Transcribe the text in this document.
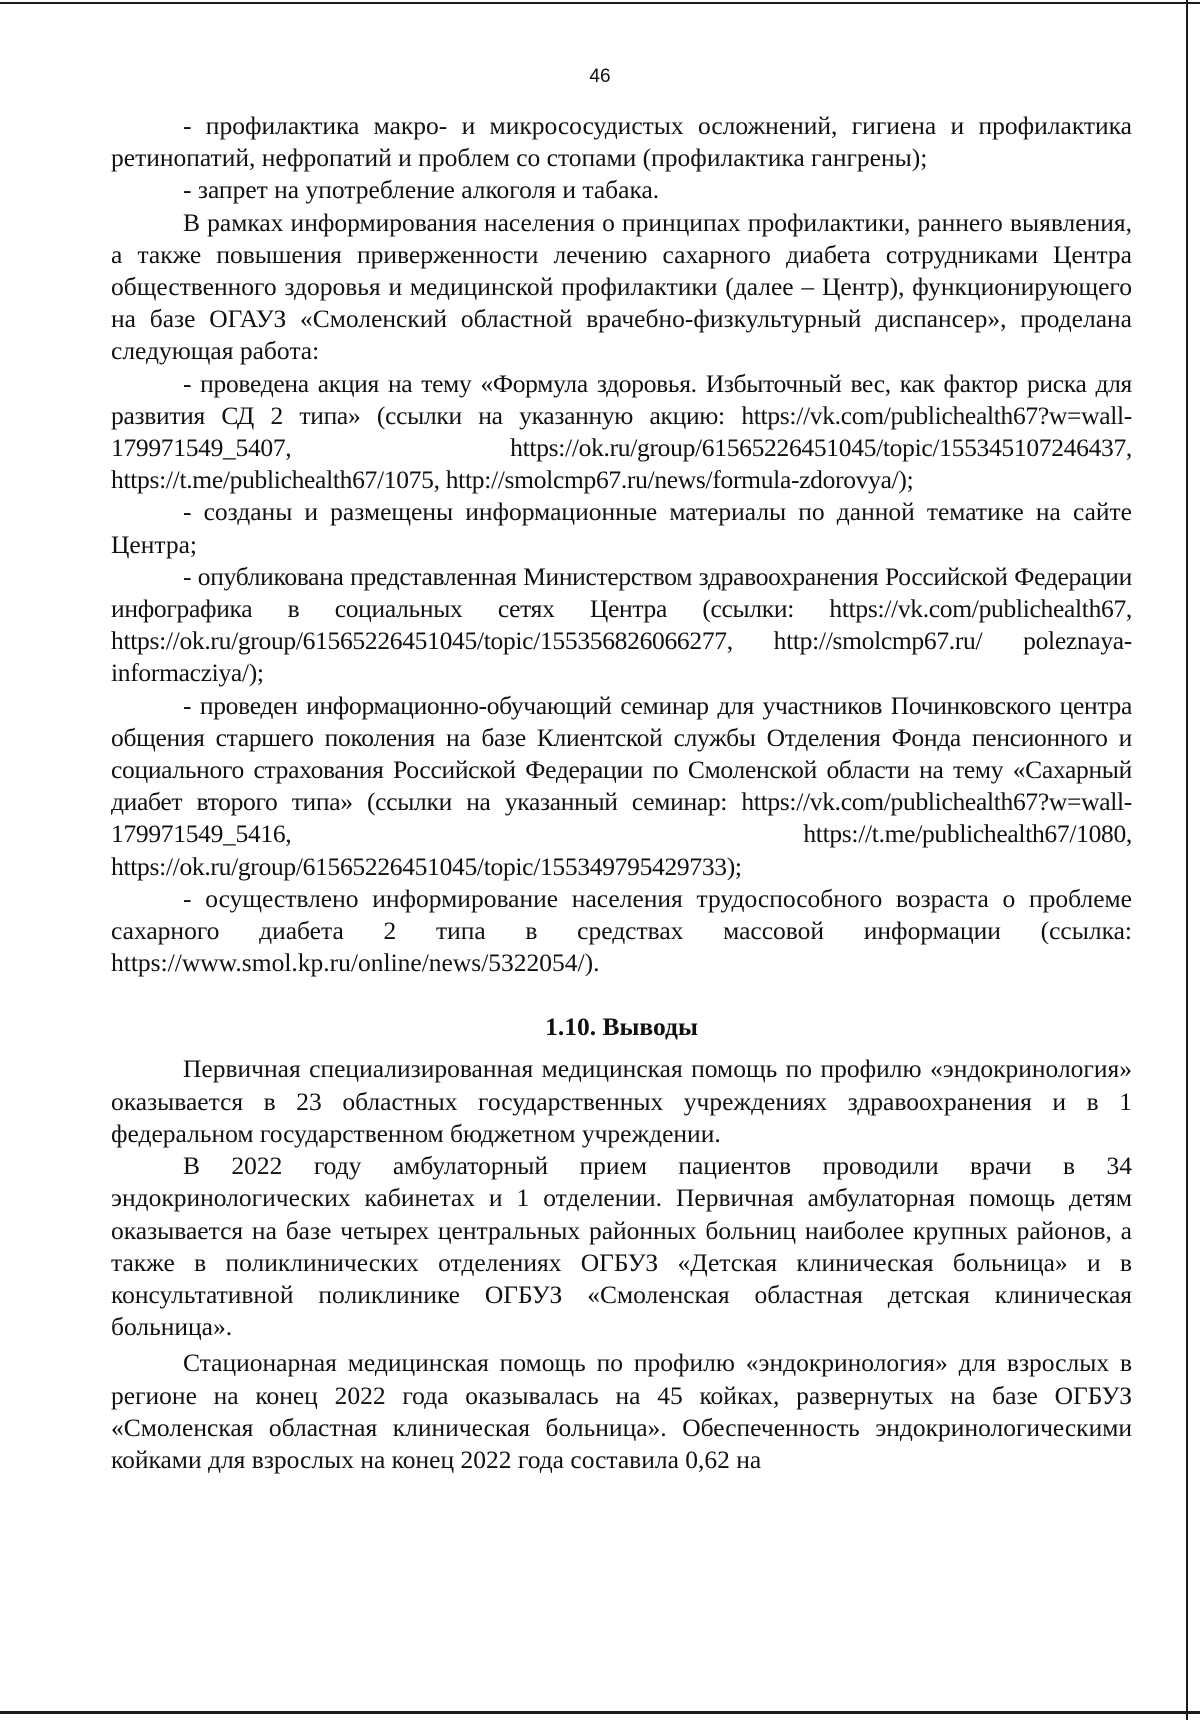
46

- профилактика макро- и микрососудистых осложнений, гигиена и профилактика ретинопатий, нефропатий и проблем со стопами (профилактика гангрены);

- запрет на употребление алкоголя и табака.

В рамках информирования населения о принципах профилактики, раннего выявления, а также повышения приверженности лечению сахарного диабета сотрудниками Центра общественного здоровья и медицинской профилактики (далее – Центр), функционирующего на базе ОГАУЗ «Смоленский областной врачебно-физкультурный диспансер», проделана следующая работа:

- проведена акция на тему «Формула здоровья. Избыточный вес, как фактор риска для развития СД 2 типа» (ссылки на указанную акцию: https://vk.com/publichealth67?w=wall-179971549_5407, https://ok.ru/group/61565226451045/topic/155345107246437, https://t.me/publichealth67/1075, http://smolcmp67.ru/news/formula-zdorovya/);

- созданы и размещены информационные материалы по данной тематике на сайте Центра;

- опубликована представленная Министерством здравоохранения Российской Федерации инфографика в социальных сетях Центра (ссылки: https://vk.com/publichealth67, https://ok.ru/group/61565226451045/topic/155356826066277, http://smolcmp67.ru/ poleznaya-informacziya/);

- проведен информационно-обучающий семинар для участников Починковского центра общения старшего поколения на базе Клиентской службы Отделения Фонда пенсионного и социального страхования Российской Федерации по Смоленской области на тему «Сахарный диабет второго типа» (ссылки на указанный семинар: https://vk.com/publichealth67?w=wall-179971549_5416, https://t.me/publichealth67/1080, https://ok.ru/group/61565226451045/topic/155349795429733);

- осуществлено информирование населения трудоспособного возраста о проблеме сахарного диабета 2 типа в средствах массовой информации (ссылка: https://www.smol.kp.ru/online/news/5322054/).

1.10. Выводы

Первичная специализированная медицинская помощь по профилю «эндокринология» оказывается в 23 областных государственных учреждениях здравоохранения и в 1 федеральном государственном бюджетном учреждении.

В 2022 году амбулаторный прием пациентов проводили врачи в 34 эндокринологических кабинетах и 1 отделении. Первичная амбулаторная помощь детям оказывается на базе четырех центральных районных больниц наиболее крупных районов, а также в поликлинических отделениях ОГБУЗ «Детская клиническая больница» и в консультативной поликлинике ОГБУЗ «Смоленская областная детская клиническая больница».

Стационарная медицинская помощь по профилю «эндокринология» для взрослых в регионе на конец 2022 года оказывалась на 45 койках, развернутых на базе ОГБУЗ «Смоленская областная клиническая больница». Обеспеченность эндокринологическими койками для взрослых на конец 2022 года составила 0,62 на
